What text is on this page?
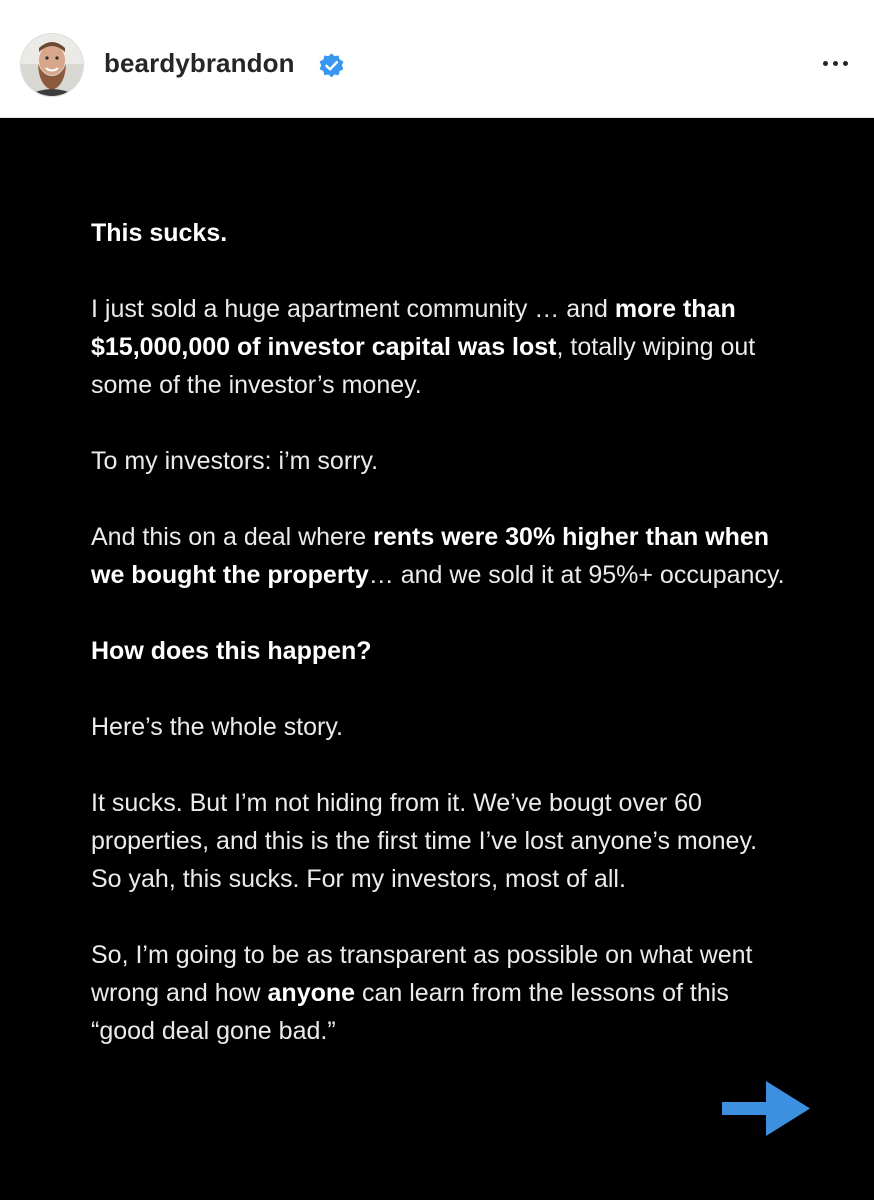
beardybrandon

This sucks.

I just sold a huge apartment community … and more than $15,000,000 of investor capital was lost, totally wiping out some of the investor’s money.

To my investors: i’m sorry.

And this on a deal where rents were 30% higher than when we bought the property… and we sold it at 95%+ occupancy.

How does this happen?

Here’s the whole story.

It sucks. But I’m not hiding from it. We’ve bougt over 60 properties, and this is the first time I’ve lost anyone’s money. So yah, this sucks. For my investors, most of all.

So, I’m going to be as transparent as possible on what went wrong and how anyone can learn from the lessons of this “good deal gone bad.”
